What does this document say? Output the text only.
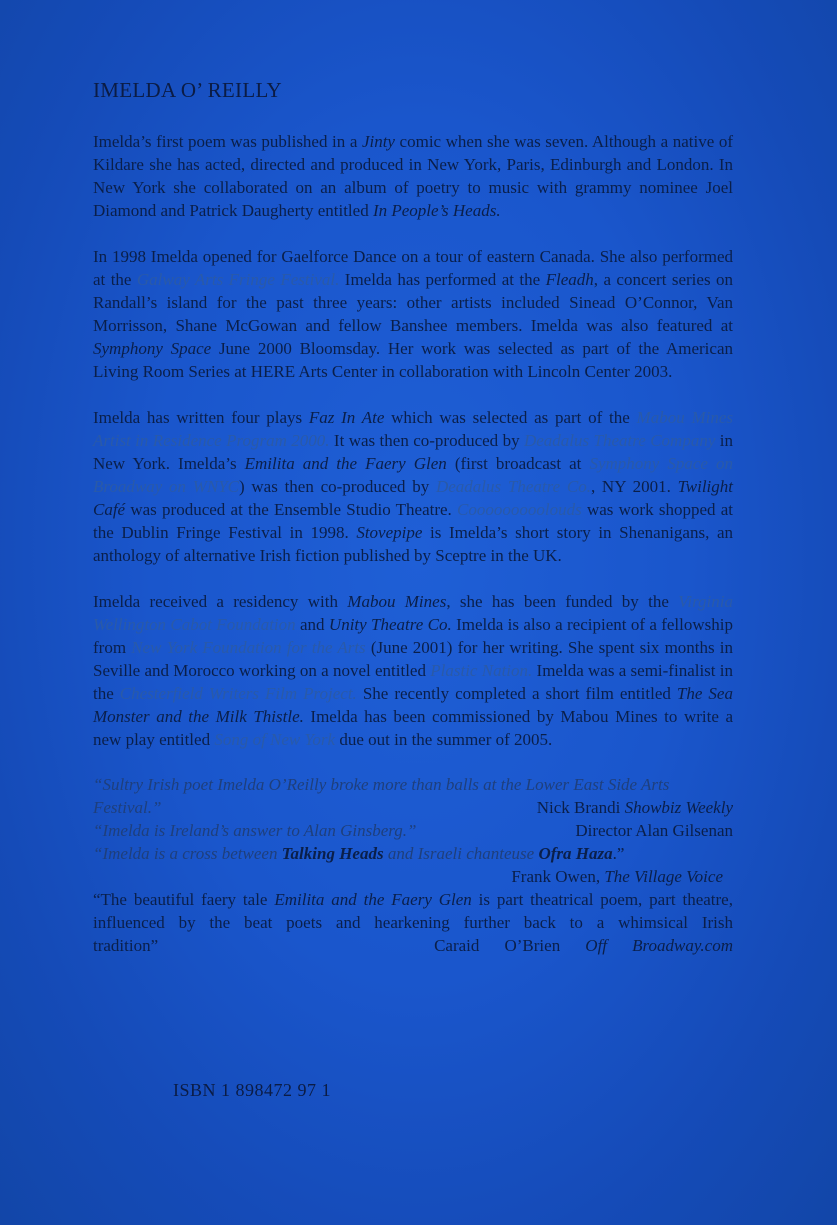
IMELDA O’ REILLY

Imelda’s first poem was published in a Jinty comic when she was seven. Although a native of Kildare she has acted, directed and produced in New York, Paris, Edinburgh and London. In New York she collaborated on an album of poetry to music with grammy nominee Joel Diamond and Patrick Daugherty entitled In People’s Heads.

In 1998 Imelda opened for Gaelforce Dance on a tour of eastern Canada. She also performed at the Galway Arts Fringe Festival. Imelda has performed at the Fleadh, a concert series on Randall’s island for the past three years: other artists included Sinead O’Connor, Van Morrisson, Shane McGowan and fellow Banshee members. Imelda was also featured at Symphony Space June 2000 Bloomsday. Her work was selected as part of the American Living Room Series at HERE Arts Center in collaboration with Lincoln Center 2003.

Imelda has written four plays Faz In Ate which was selected as part of the Mabou Mines Artist in Residence Program 2000. It was then co-produced by Deadalus Theatre Company in New York. Imelda’s Emilita and the Faery Glen (first broadcast at Symphony Space on Broadway on WNYC) was then co-produced by Deadalus Theatre Co., NY 2001. Twilight Café was produced at the Ensemble Studio Theatre. Cooooooooolouds was work shopped at the Dublin Fringe Festival in 1998. Stovepipe is Imelda’s short story in Shenanigans, an anthology of alternative Irish fiction published by Sceptre in the UK.

Imelda received a residency with Mabou Mines, she has been funded by the Virginia Wellington Cabot Foundation and Unity Theatre Co. Imelda is also a recipient of a fellowship from New York Foundation for the Arts (June 2001) for her writing. She spent six months in Seville and Morocco working on a novel entitled Plastic Nation. Imelda was a semi-finalist in the Chesterfield Writers Film Project. She recently completed a short film entitled The Sea Monster and the Milk Thistle. Imelda has been commissioned by Mabou Mines to write a new play entitled Song of New York due out in the summer of 2005.

“Sultry Irish poet Imelda O’Reilly broke more than balls at the Lower East Side Arts
Festival.”	Nick Brandi Showbiz Weekly
“Imelda is Ireland’s answer to Alan Ginsberg.”	Director Alan Gilsenan
“Imelda is a cross between Talking Heads and Israeli chanteuse Ofra Haza.”
Frank Owen, The Village Voice
“The beautiful faery tale Emilita and the Faery Glen is part theatrical poem, part theatre, influenced by the beat poets and hearkening further back to a whimsical Irish tradition”	Caraid O’Brien Off Broadway.com
ISBN 1 898472 97 1
